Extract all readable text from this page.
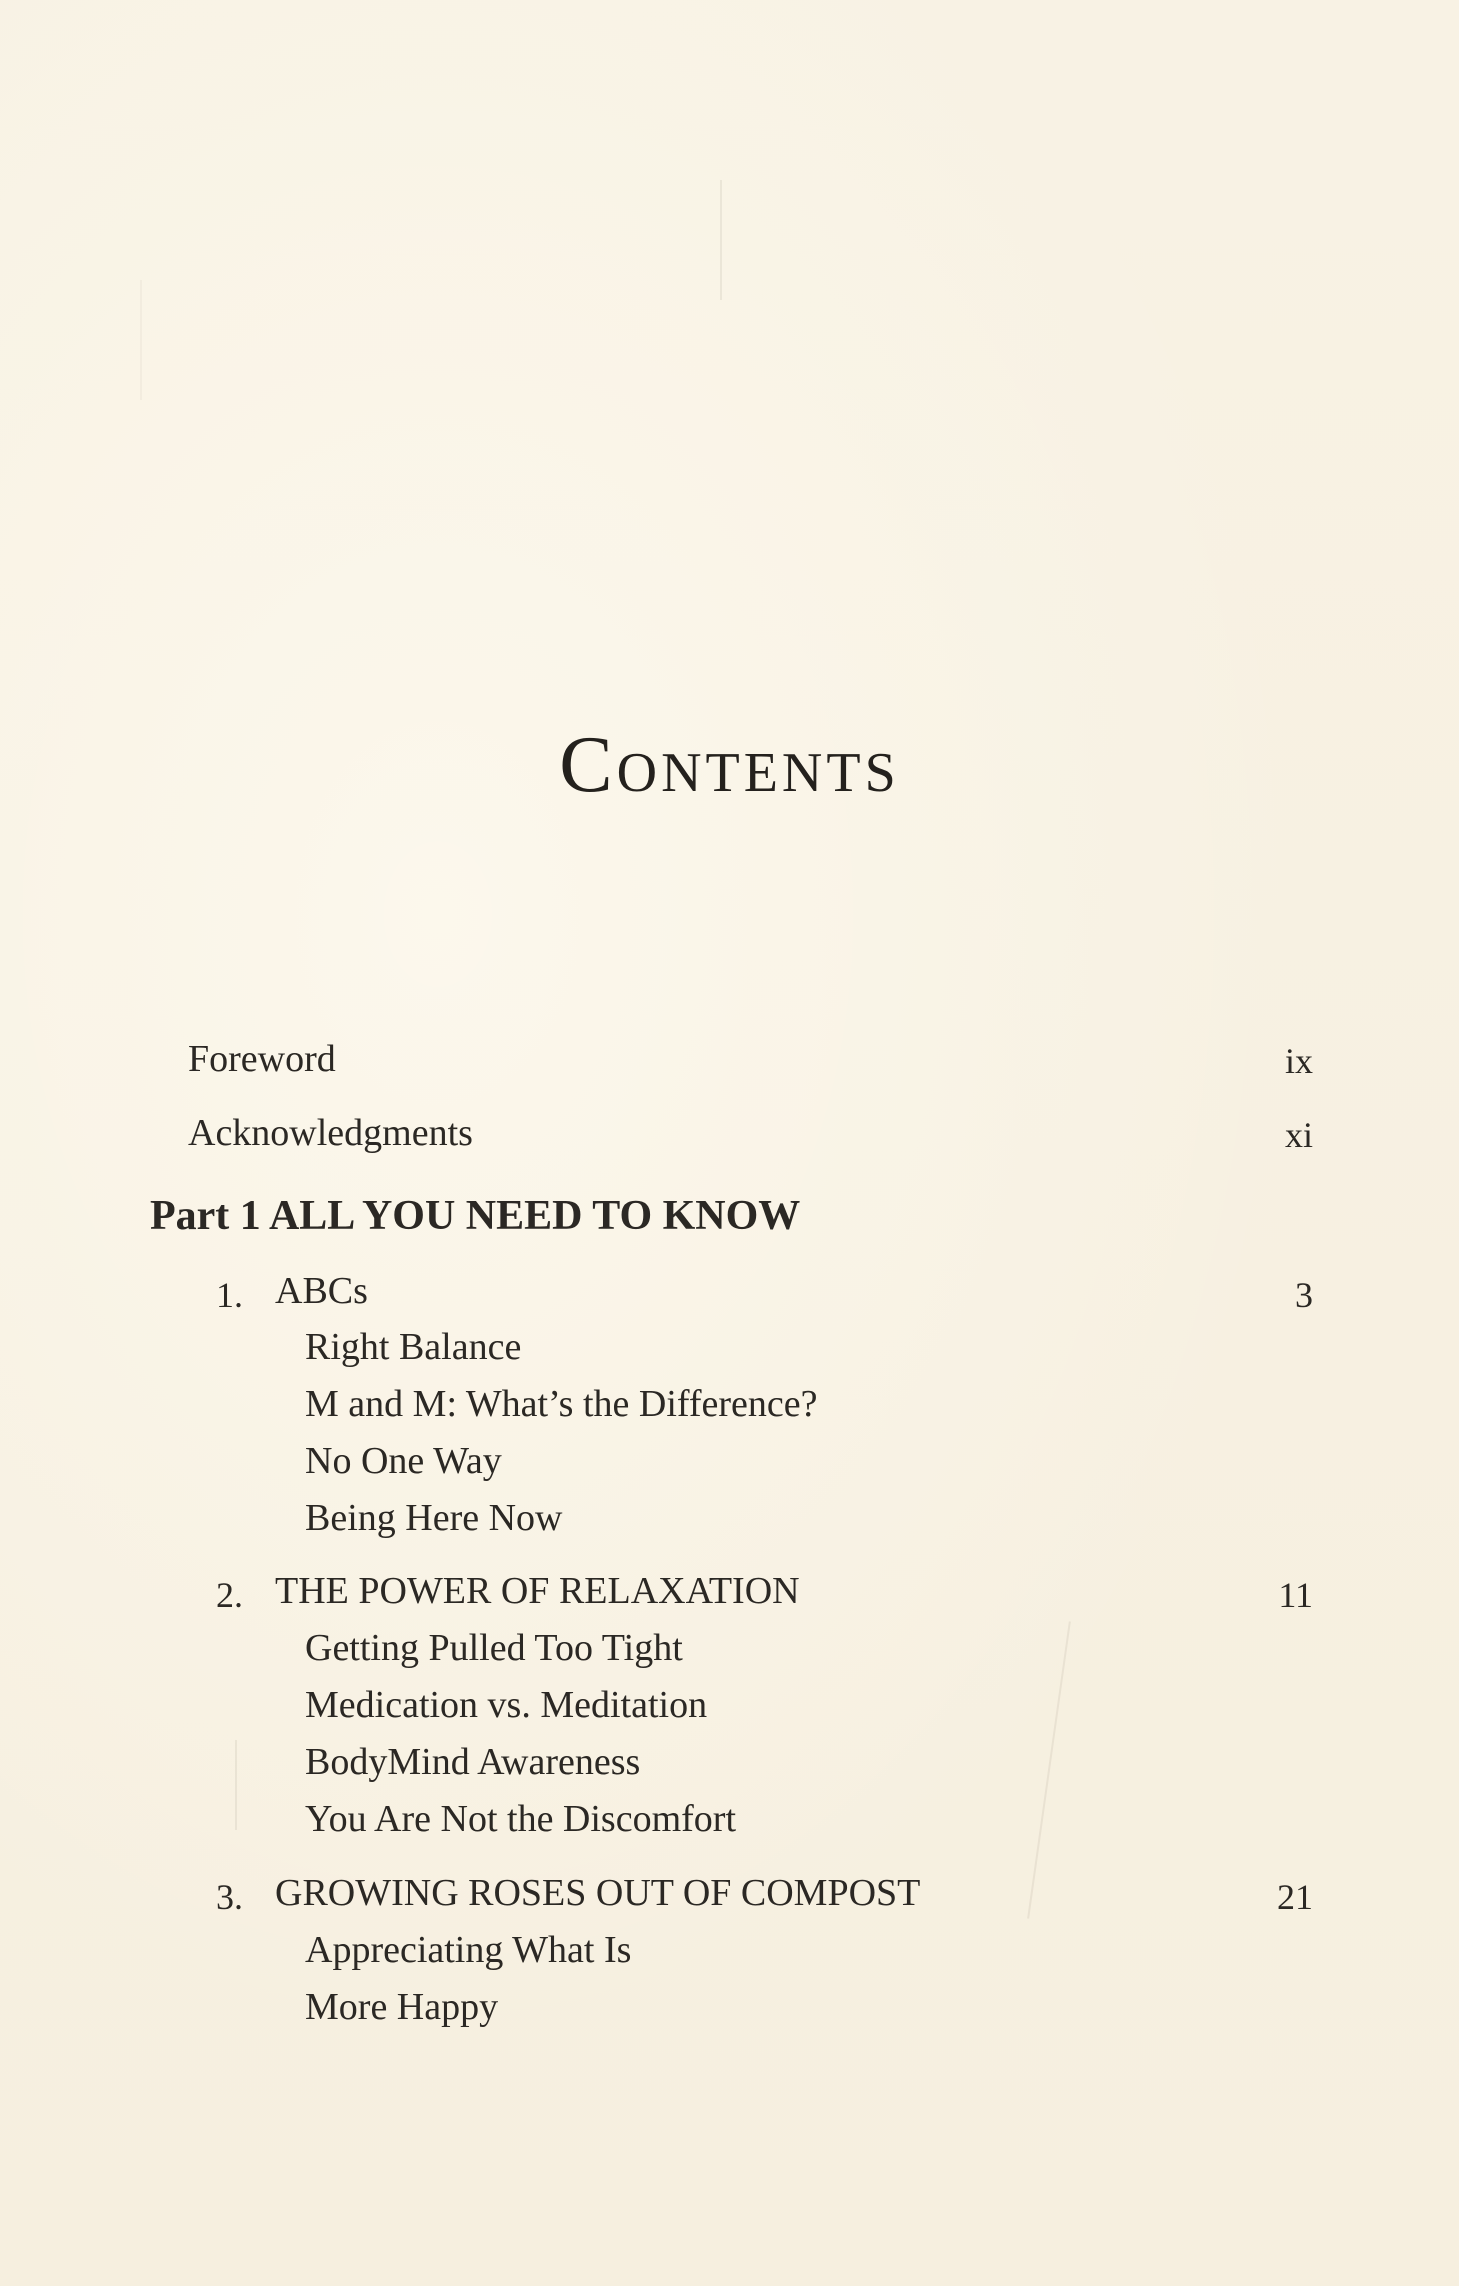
Contents
Foreword	ix
Acknowledgments	xi
Part 1 ALL YOU NEED TO KNOW
1. ABCs	3
Right Balance
M and M: What’s the Difference?
No One Way
Being Here Now
2. THE POWER OF RELAXATION	11
Getting Pulled Too Tight
Medication vs. Meditation
BodyMind Awareness
You Are Not the Discomfort
3. GROWING ROSES OUT OF COMPOST	21
Appreciating What Is
More Happy
